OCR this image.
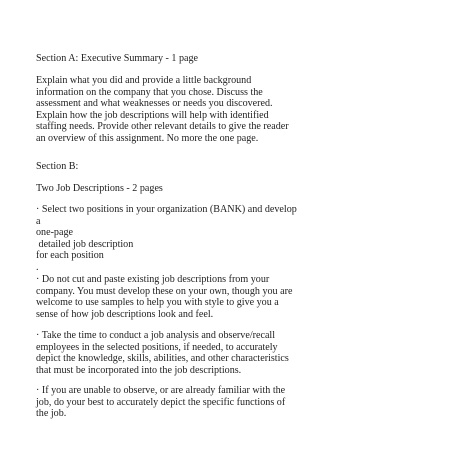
Section A: Executive Summary - 1 page

Explain what you did and provide a little background

information on the company that you chose. Discuss the

assessment and what weaknesses or needs you discovered.

Explain how the job descriptions will help with identified

staffing needs. Provide other relevant details to give the reader

an overview of this assignment. No more the one page.

Section B:

Two Job Descriptions - 2 pages

· Select two positions in your organization (BANK) and develop

a

one-page

detailed job description

for each position

.

· Do not cut and paste existing job descriptions from your

company. You must develop these on your own, though you are

welcome to use samples to help you with style to give you a

sense of how job descriptions look and feel.

· Take the time to conduct a job analysis and observe/recall

employees in the selected positions, if needed, to accurately

depict the knowledge, skills, abilities, and other characteristics

that must be incorporated into the job descriptions.

· If you are unable to observe, or are already familiar with the

job, do your best to accurately depict the specific functions of

the job.
